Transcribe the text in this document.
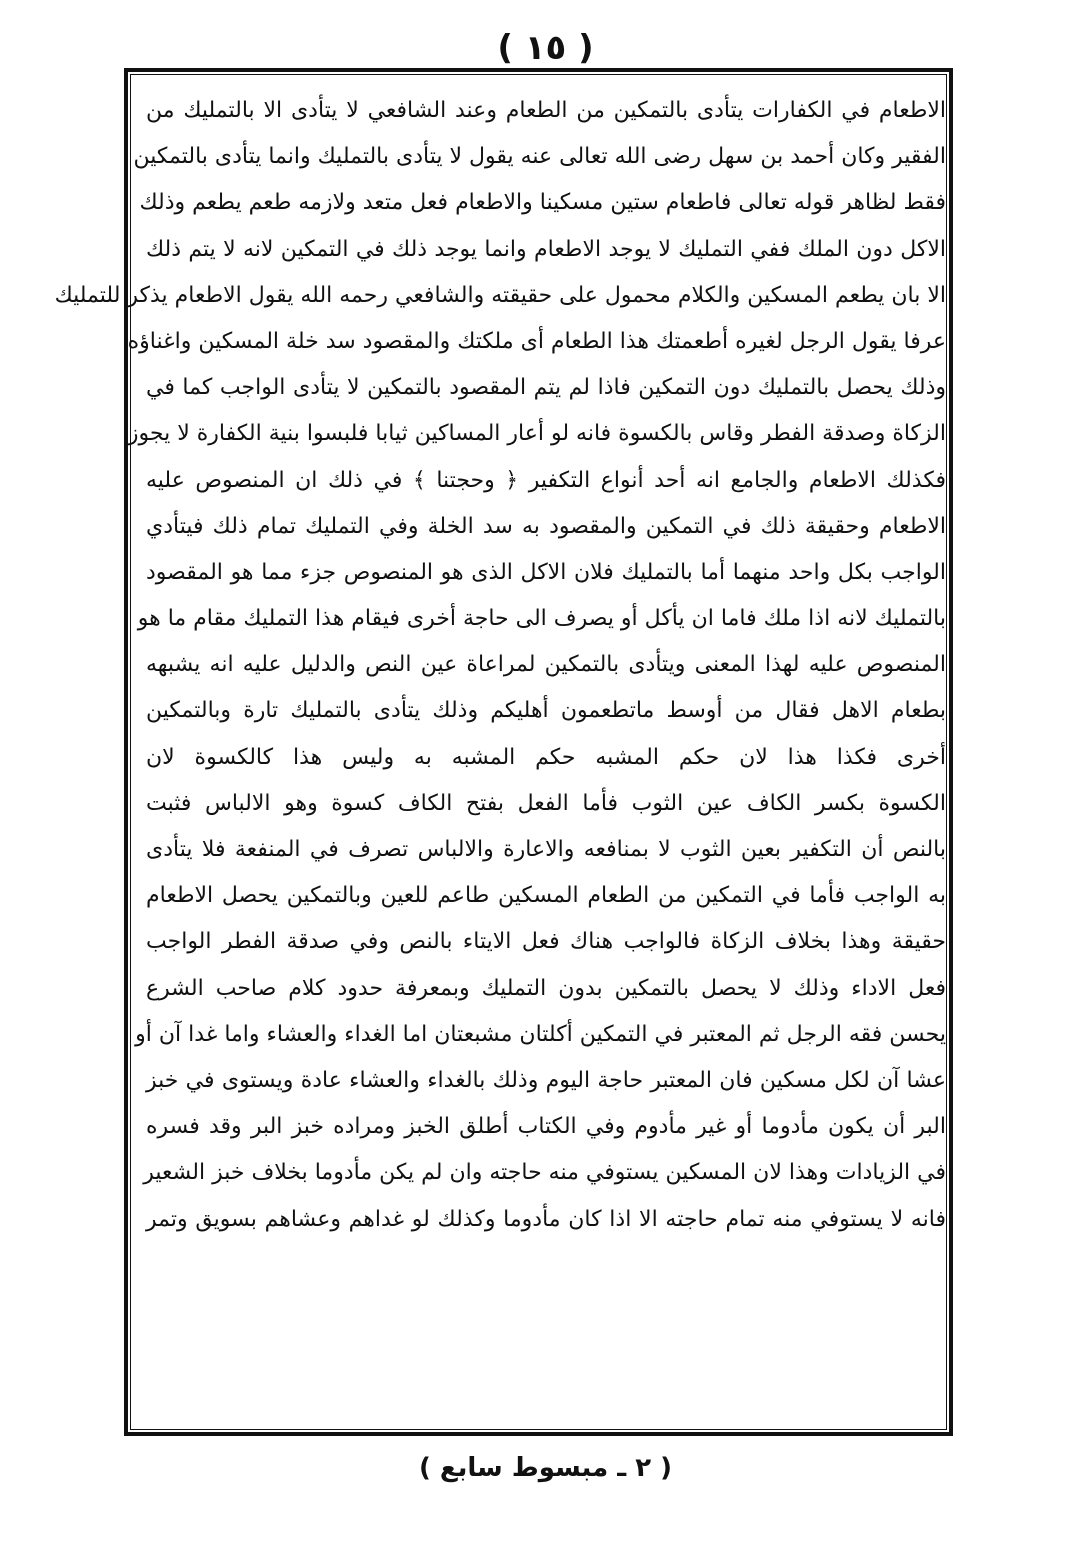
( ١٥ )
الاطعام في الكفارات يتأدى بالتمكين من الطعام وعند الشافعي لا يتأدى الا بالتمليك من
الفقير وكان أحمد بن سهل رضى الله تعالى عنه يقول لا يتأدى بالتمليك وانما يتأدى بالتمكين
فقط لظاهر قوله تعالى فاطعام ستين مسكينا والاطعام فعل متعد ولازمه طعم يطعم وذلك
الاكل دون الملك ففي التمليك لا يوجد الاطعام وانما يوجد ذلك في التمكين لانه لا يتم ذلك
الا بان يطعم المسكين والكلام محمول على حقيقته والشافعي رحمه الله يقول الاطعام يذكر للتمليك
عرفا يقول الرجل لغيره أطعمتك هذا الطعام أى ملكتك والمقصود سد خلة المسكين واغناؤه
وذلك يحصل بالتمليك دون التمكين فاذا لم يتم المقصود بالتمكين لا يتأدى الواجب كما في
الزكاة وصدقة الفطر وقاس بالكسوة فانه لو أعار المساكين ثيابا فلبسوا بنية الكفارة لا يجوز
فكذلك الاطعام والجامع انه أحد أنواع التكفير ﴿ وحجتنا ﴾ في ذلك ان المنصوص عليه
الاطعام وحقيقة ذلك في التمكين والمقصود به سد الخلة وفي التمليك تمام ذلك فيتأدي
الواجب بكل واحد منهما أما بالتمليك فلان الاكل الذى هو المنصوص جزء مما هو المقصود
بالتمليك لانه اذا ملك فاما ان يأكل أو يصرف الى حاجة أخرى فيقام هذا التمليك مقام ما هو
المنصوص عليه لهذا المعنى ويتأدى بالتمكين لمراعاة عين النص والدليل عليه انه يشبهه
بطعام الاهل فقال من أوسط ماتطعمون أهليكم وذلك يتأدى بالتمليك تارة وبالتمكين
أخرى فكذا هذا لان حكم المشبه حكم المشبه به وليس هذا كالكسوة لان
الكسوة بكسر الكاف عين الثوب فأما الفعل بفتح الكاف كسوة وهو الالباس فثبت
بالنص أن التكفير بعين الثوب لا بمنافعه والاعارة والالباس تصرف في المنفعة فلا يتأدى
به الواجب فأما في التمكين من الطعام المسكين طاعم للعين وبالتمكين يحصل الاطعام
حقيقة وهذا بخلاف الزكاة فالواجب هناك فعل الايتاء بالنص وفي صدقة الفطر الواجب
فعل الاداء وذلك لا يحصل بالتمكين بدون التمليك وبمعرفة حدود كلام صاحب الشرع
يحسن فقه الرجل ثم المعتبر في التمكين أكلتان مشبعتان اما الغداء والعشاء واما غدا آن أو
عشا آن لكل مسكين فان المعتبر حاجة اليوم وذلك بالغداء والعشاء عادة ويستوى في خبز
البر أن يكون مأدوما أو غير مأدوم وفي الكتاب أطلق الخبز ومراده خبز البر وقد فسره
في الزيادات وهذا لان المسكين يستوفي منه حاجته وان لم يكن مأدوما بخلاف خبز الشعير
فانه لا يستوفي منه تمام حاجته الا اذا كان مأدوما وكذلك لو غداهم وعشاهم بسويق وتمر
( ٢ ـ مبسوط سابع )
